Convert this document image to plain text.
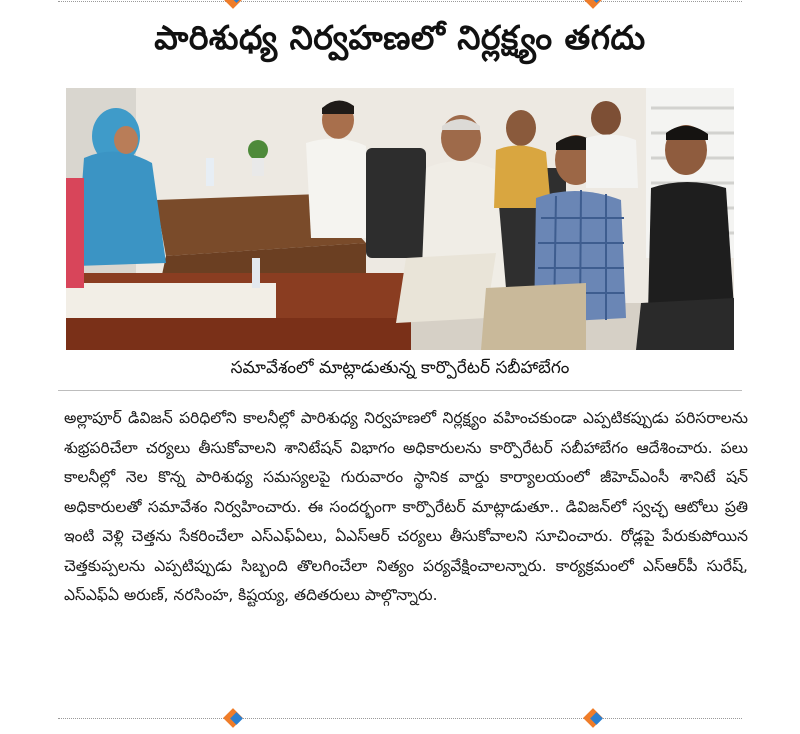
పారిశుధ్య నిర్వహణలో నిర్లక్ష్యం తగదు
సమావేశంలో మాట్లాడుతున్న కార్పొరేటర్ సబీహాబేగం
అల్లాపూర్ డివిజన్ పరిధిలోని కాలనీల్లో పారిశుధ్య నిర్వహణలో నిర్లక్ష్యం వహించకుండా ఎప్పటికప్పుడు పరిసరాలను శుభ్రపరిచేలా చర్యలు తీసుకోవాలని శానిటేషన్ విభాగం అధికారులను కార్పొరేటర్ సబీహాబేగం ఆదేశించారు. పలు కాలనీల్లో నెల కొన్న పారిశుధ్య సమస్యలపై గురువారం స్థానిక వార్డు కార్యాలయంలో జీహెచ్ఎంసీ శానిటే షన్ అధికారులతో సమావేశం నిర్వహించారు. ఈ సందర్భంగా కార్పొరేటర్ మాట్లాడుతూ.. డివిజన్‌లో స్వచ్ఛ ఆటోలు ప్రతి ఇంటి వెళ్లి చెత్తను సేకరించేలా ఎస్ఎఫ్ఏలు, ఏఎస్ఆర్ చర్యలు తీసుకోవాలని సూచించారు. రోడ్లపై పేరుకుపోయిన చెత్తకుప్పలను ఎప్పటిప్పుడు సిబ్బంది తొలగించేలా నిత్యం పర్యవేక్షించాలన్నారు. కార్యక్రమంలో ఎస్ఆర్‌పీ సురేష్, ఎస్ఎఫ్ఏ అరుణ్, నరసింహ, కిష్టయ్య, తదితరులు పాల్గొన్నారు.
